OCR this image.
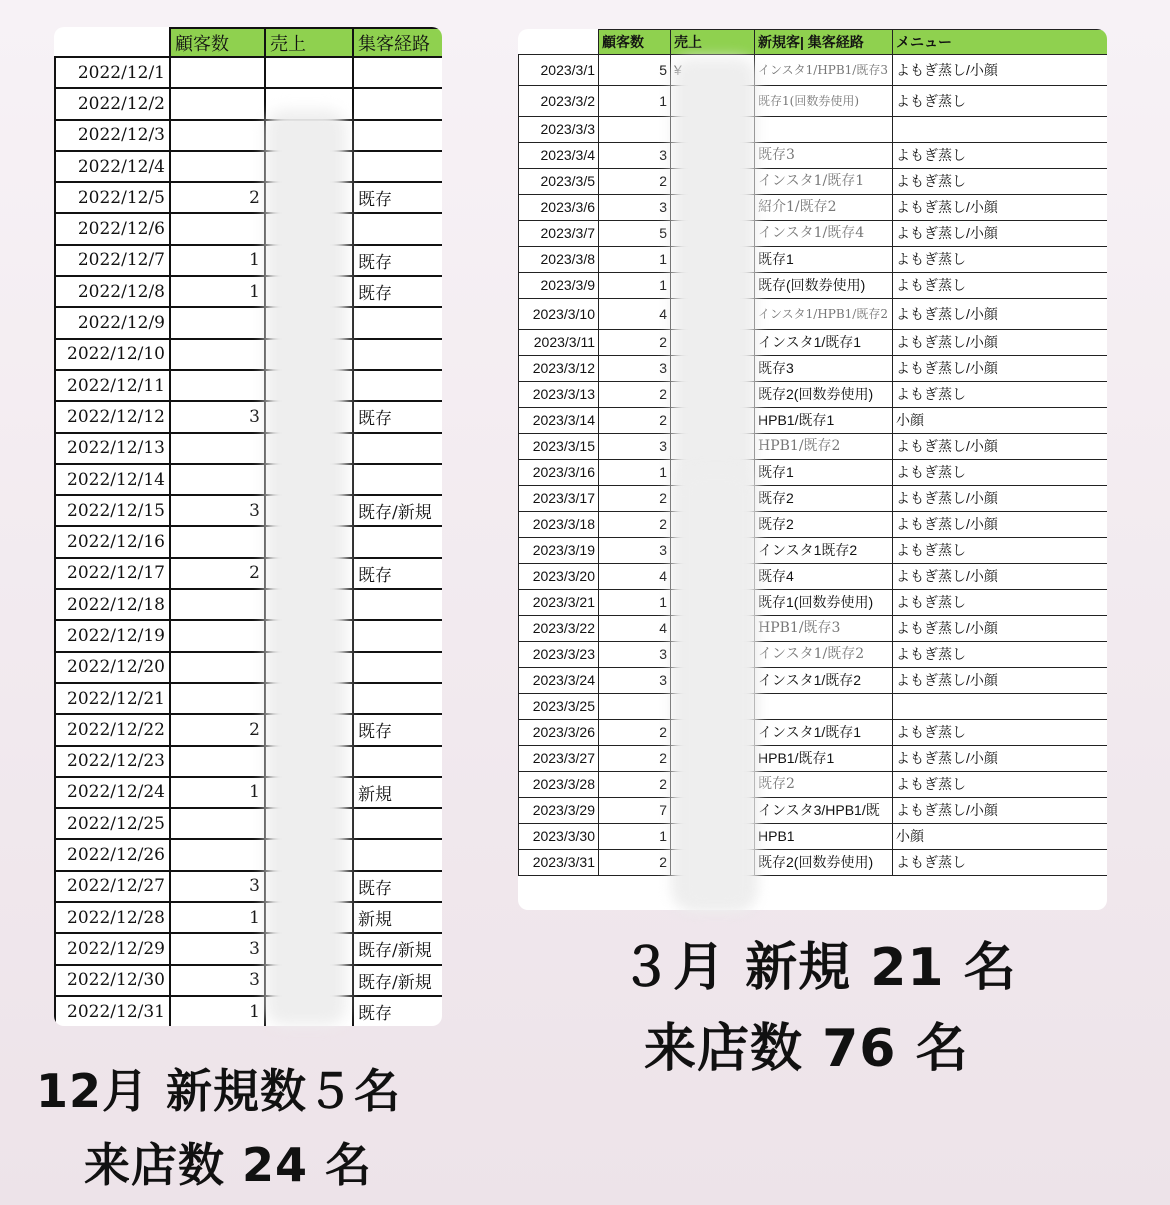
	顧客数	売上	集客経路
2022/12/1			
2022/12/2			
2022/12/3			
2022/12/4			
2022/12/5	2		既存
2022/12/6			
2022/12/7	1		既存
2022/12/8	1		既存
2022/12/9			
2022/12/10			
2022/12/11			
2022/12/12	3		既存
2022/12/13			
2022/12/14			
2022/12/15	3		既存/新規
2022/12/16			
2022/12/17	2		既存
2022/12/18			
2022/12/19			
2022/12/20			
2022/12/21			
2022/12/22	2		既存
2022/12/23			
2022/12/24	1		新規
2022/12/25			
2022/12/26			
2022/12/27	3		既存
2022/12/28	1		新規
2022/12/29	3		既存/新規
2022/12/30	3		既存/新規
2022/12/31	1		既存
	顧客数	売上	新規客| 集客経路	メニュー
2023/3/1	5		インスタ1/HPB1/既存3	よもぎ蒸し/小顔
2023/3/2	1		既存1(回数券使用)	よもぎ蒸し
2023/3/3				
2023/3/4	3		既存3	よもぎ蒸し
2023/3/5	2		インスタ1/既存1	よもぎ蒸し
2023/3/6	3		紹介1/既存2	よもぎ蒸し/小顔
2023/3/7	5		インスタ1/既存4	よもぎ蒸し/小顔
2023/3/8	1		既存1	よもぎ蒸し
2023/3/9	1		既存(回数券使用)	よもぎ蒸し
2023/3/10	4		インスタ1/HPB1/既存2	よもぎ蒸し/小顔
2023/3/11	2		インスタ1/既存1	よもぎ蒸し/小顔
2023/3/12	3		既存3	よもぎ蒸し/小顔
2023/3/13	2		既存2(回数券使用)	よもぎ蒸し
2023/3/14	2		HPB1/既存1	小顔
2023/3/15	3		HPB1/既存2	よもぎ蒸し/小顔
2023/3/16	1		既存1	よもぎ蒸し
2023/3/17	2		既存2	よもぎ蒸し/小顔
2023/3/18	2		既存2	よもぎ蒸し/小顔
2023/3/19	3		インスタ1既存2	よもぎ蒸し
2023/3/20	4		既存4	よもぎ蒸し/小顔
2023/3/21	1		既存1(回数券使用)	よもぎ蒸し
2023/3/22	4		HPB1/既存3	よもぎ蒸し/小顔
2023/3/23	3		インスタ1/既存2	よもぎ蒸し
2023/3/24	3		インスタ1/既存2	よもぎ蒸し/小顔
2023/3/25				
2023/3/26	2		インスタ1/既存1	よもぎ蒸し
2023/3/27	2		HPB1/既存1	よもぎ蒸し/小顔
2023/3/28	2		既存2	よもぎ蒸し
2023/3/29	7		インスタ3/HPB1/既	よもぎ蒸し/小顔
2023/3/30	1		HPB1	小顔
2023/3/31	2		既存2(回数券使用)	よもぎ蒸し
12月 新規数５名
来店数 24 名
３月 新規 21 名
来店数 76 名
